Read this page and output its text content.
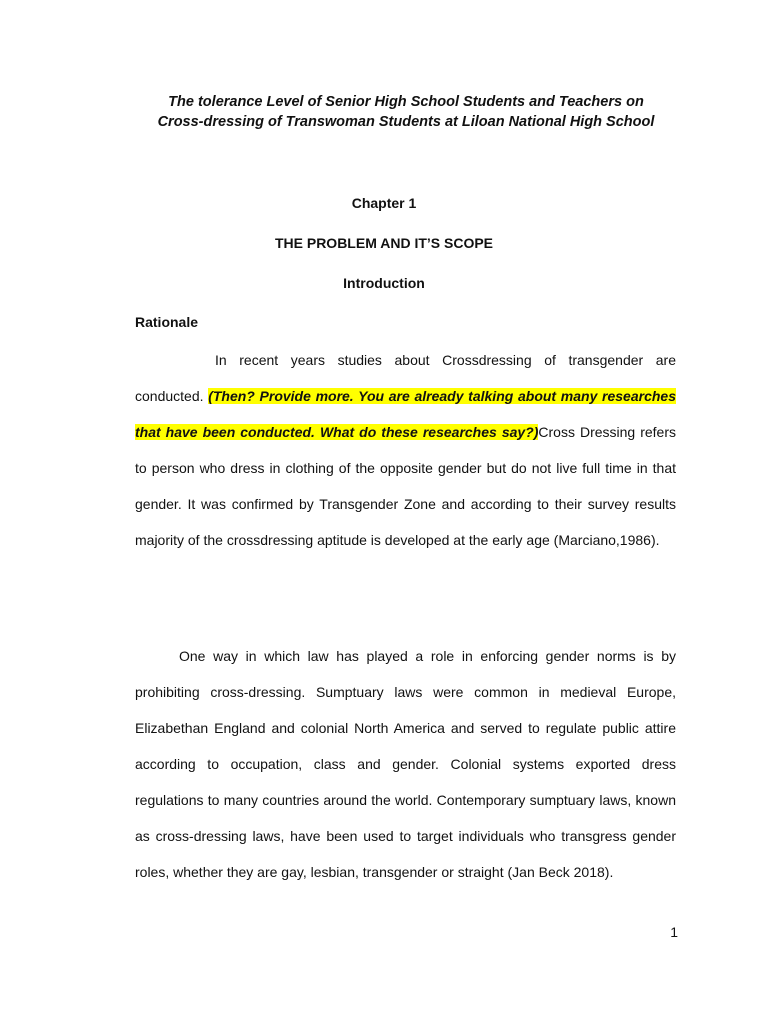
The tolerance Level of Senior High School Students and Teachers on
Cross-dressing of Transwoman Students at Liloan National High School

Chapter 1

THE PROBLEM AND IT’S SCOPE

Introduction

Rationale

In recent years studies about Crossdressing of transgender are conducted. (Then? Provide more. You are already talking about many researches that have been conducted. What do these researches say?)Cross Dressing refers to person who dress in clothing of the opposite gender but do not live full time in that gender. It was confirmed by Transgender Zone and according to their survey results majority of the crossdressing aptitude is developed at the early age (Marciano,1986).

One way in which law has played a role in enforcing gender norms is by prohibiting cross-dressing. Sumptuary laws were common in medieval Europe, Elizabethan England and colonial North America and served to regulate public attire according to occupation, class and gender. Colonial systems exported dress regulations to many countries around the world. Contemporary sumptuary laws, known as cross-dressing laws, have been used to target individuals who transgress gender roles, whether they are gay, lesbian, transgender or straight (Jan Beck 2018).

1
